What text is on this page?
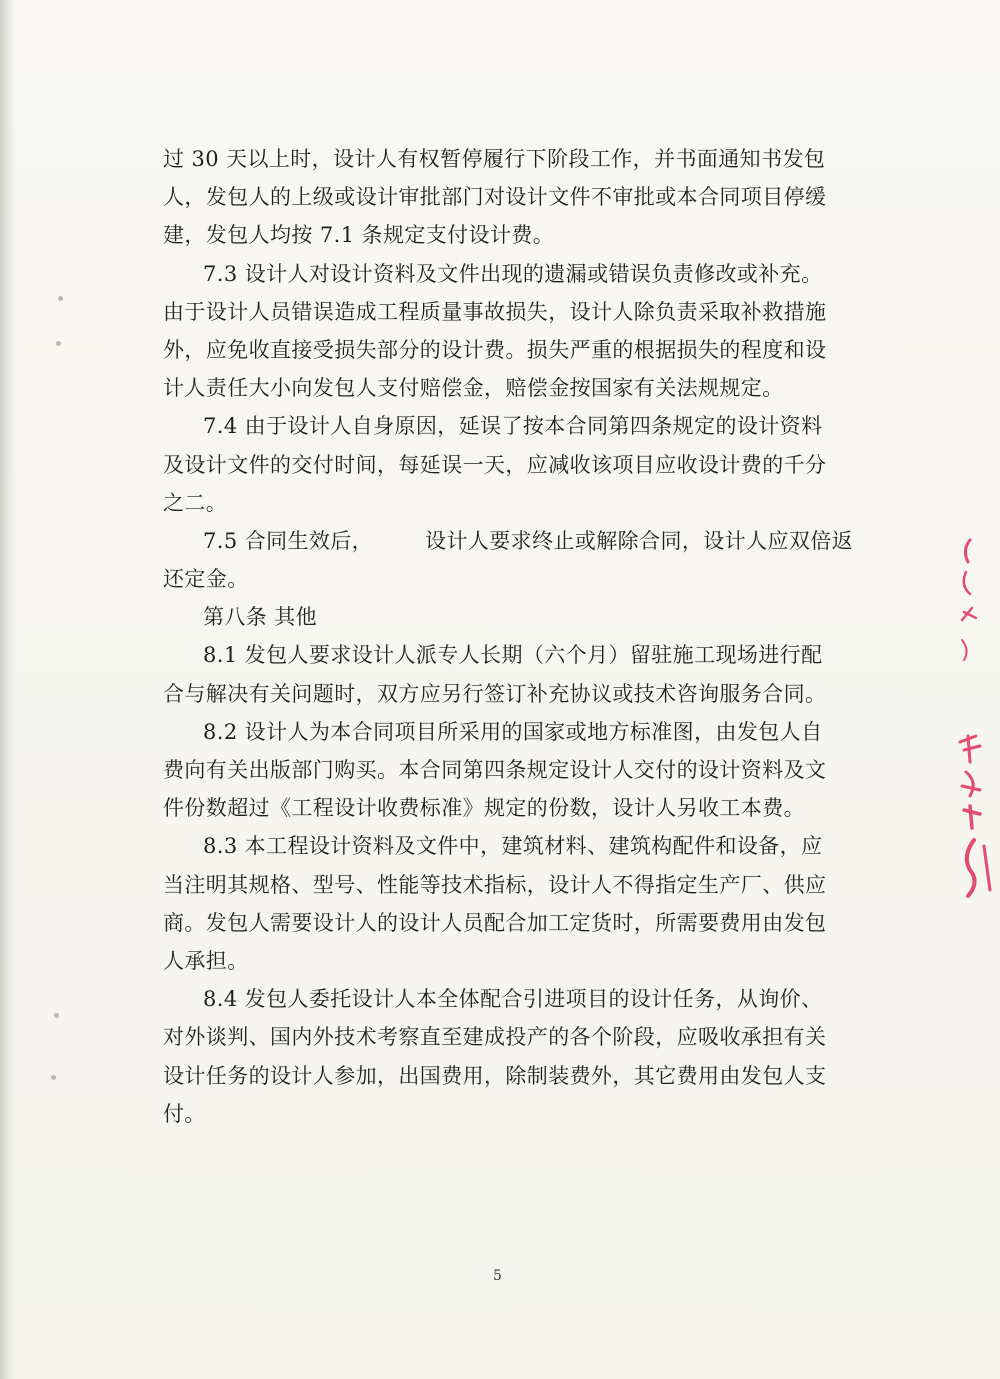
过 30 天以上时，设计人有权暂停履行下阶段工作，并书面通知书发包
人，发包人的上级或设计审批部门对设计文件不审批或本合同项目停缓
建，发包人均按 7.1 条规定支付设计费。
7.3 设计人对设计资料及文件出现的遗漏或错误负责修改或补充。
由于设计人员错误造成工程质量事故损失，设计人除负责采取补救措施
外，应免收直接受损失部分的设计费。损失严重的根据损失的程度和设
计人责任大小向发包人支付赔偿金，赔偿金按国家有关法规规定。
7.4 由于设计人自身原因，延误了按本合同第四条规定的设计资料
及设计文件的交付时间，每延误一天，应减收该项目应收设计费的千分
之二。
7.5 合同生效后， 设计人要求终止或解除合同，设计人应双倍返
还定金。
第八条 其他
8.1 发包人要求设计人派专人长期（六个月）留驻施工现场进行配
合与解决有关问题时，双方应另行签订补充协议或技术咨询服务合同。
8.2 设计人为本合同项目所采用的国家或地方标准图，由发包人自
费向有关出版部门购买。本合同第四条规定设计人交付的设计资料及文
件份数超过《工程设计收费标准》规定的份数，设计人另收工本费。
8.3 本工程设计资料及文件中，建筑材料、建筑构配件和设备，应
当注明其规格、型号、性能等技术指标，设计人不得指定生产厂、供应
商。发包人需要设计人的设计人员配合加工定货时，所需要费用由发包
人承担。
8.4 发包人委托设计人本全体配合引进项目的设计任务，从询价、
对外谈判、国内外技术考察直至建成投产的各个阶段，应吸收承担有关
设计任务的设计人参加，出国费用，除制装费外，其它费用由发包人支
付。
5
